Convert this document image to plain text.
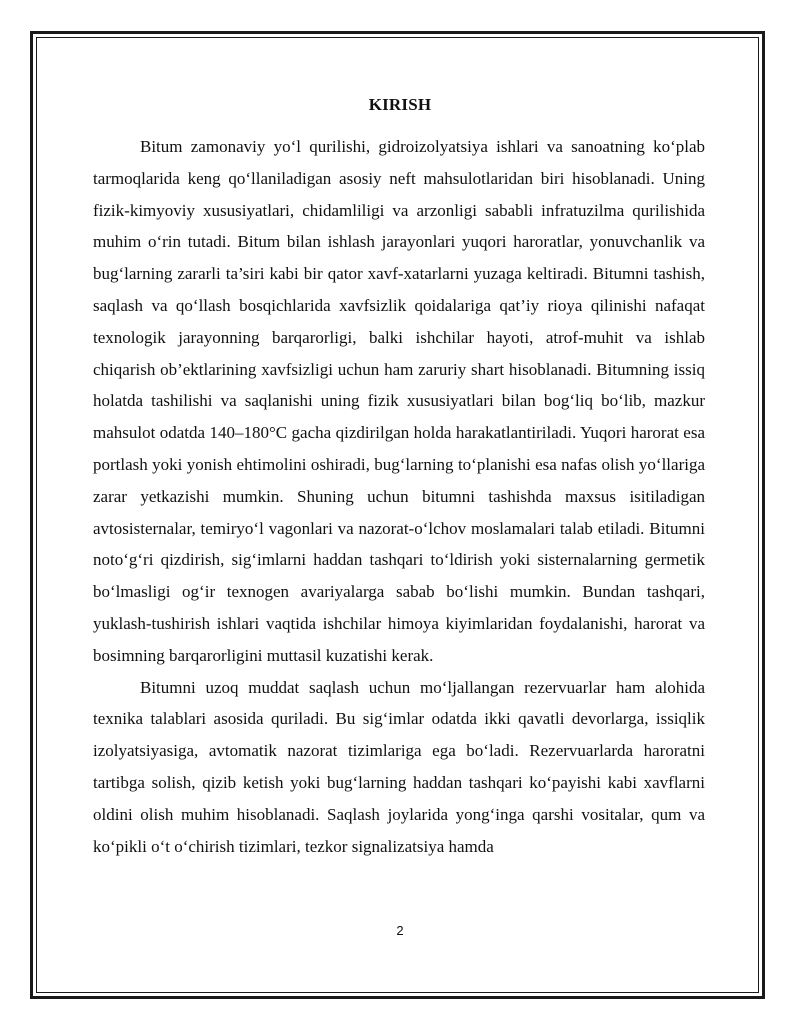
KIRISH

Bitum zamonaviy yo‘l qurilishi, gidroizolyatsiya ishlari va sanoatning ko‘plab tarmoqlarida keng qo‘llaniladigan asosiy neft mahsulotlaridan biri hisoblanadi. Uning fizik-kimyoviy xususiyatlari, chidamliligi va arzonligi sababli infratuzilma qurilishida muhim o‘rin tutadi. Bitum bilan ishlash jarayonlari yuqori haroratlar, yonuvchanlik va bug‘larning zararli ta’siri kabi bir qator xavf-xatarlarni yuzaga keltiradi. Bitumni tashish, saqlash va qo‘llash bosqichlarida xavfsizlik qoidalariga qat’iy rioya qilinishi nafaqat texnologik jarayonning barqarorligi, balki ishchilar hayoti, atrof-muhit va ishlab chiqarish ob’ektlarining xavfsizligi uchun ham zaruriy shart hisoblanadi. Bitumning issiq holatda tashilishi va saqlanishi uning fizik xususiyatlari bilan bog‘liq bo‘lib, mazkur mahsulot odatda 140–180°C gacha qizdirilgan holda harakatlantiriladi. Yuqori harorat esa portlash yoki yonish ehtimolini oshiradi, bug‘larning to‘planishi esa nafas olish yo‘llariga zarar yetkazishi mumkin. Shuning uchun bitumni tashishda maxsus isitiladigan avtosisternalar, temiryo‘l vagonlari va nazorat-o‘lchov moslamalari talab etiladi. Bitumni noto‘g‘ri qizdirish, sig‘imlarni haddan tashqari to‘ldirish yoki sisternalarning germetik bo‘lmasligi og‘ir texnogen avariyalarga sabab bo‘lishi mumkin. Bundan tashqari, yuklash-tushirish ishlari vaqtida ishchilar himoya kiyimlaridan foydalanishi, harorat va bosimning barqarorligini muttasil kuzatishi kerak.

Bitumni uzoq muddat saqlash uchun mo‘ljallangan rezervuarlar ham alohida texnika talablari asosida quriladi. Bu sig‘imlar odatda ikki qavatli devorlarga, issiqlik izolyatsiyasiga, avtomatik nazorat tizimlariga ega bo‘ladi. Rezervuarlarda haroratni tartibga solish, qizib ketish yoki bug‘larning haddan tashqari ko‘payishi kabi xavflarni oldini olish muhim hisoblanadi. Saqlash joylarida yong‘inga qarshi vositalar, qum va ko‘pikli o‘t o‘chirish tizimlari, tezkor signalizatsiya hamda

2
